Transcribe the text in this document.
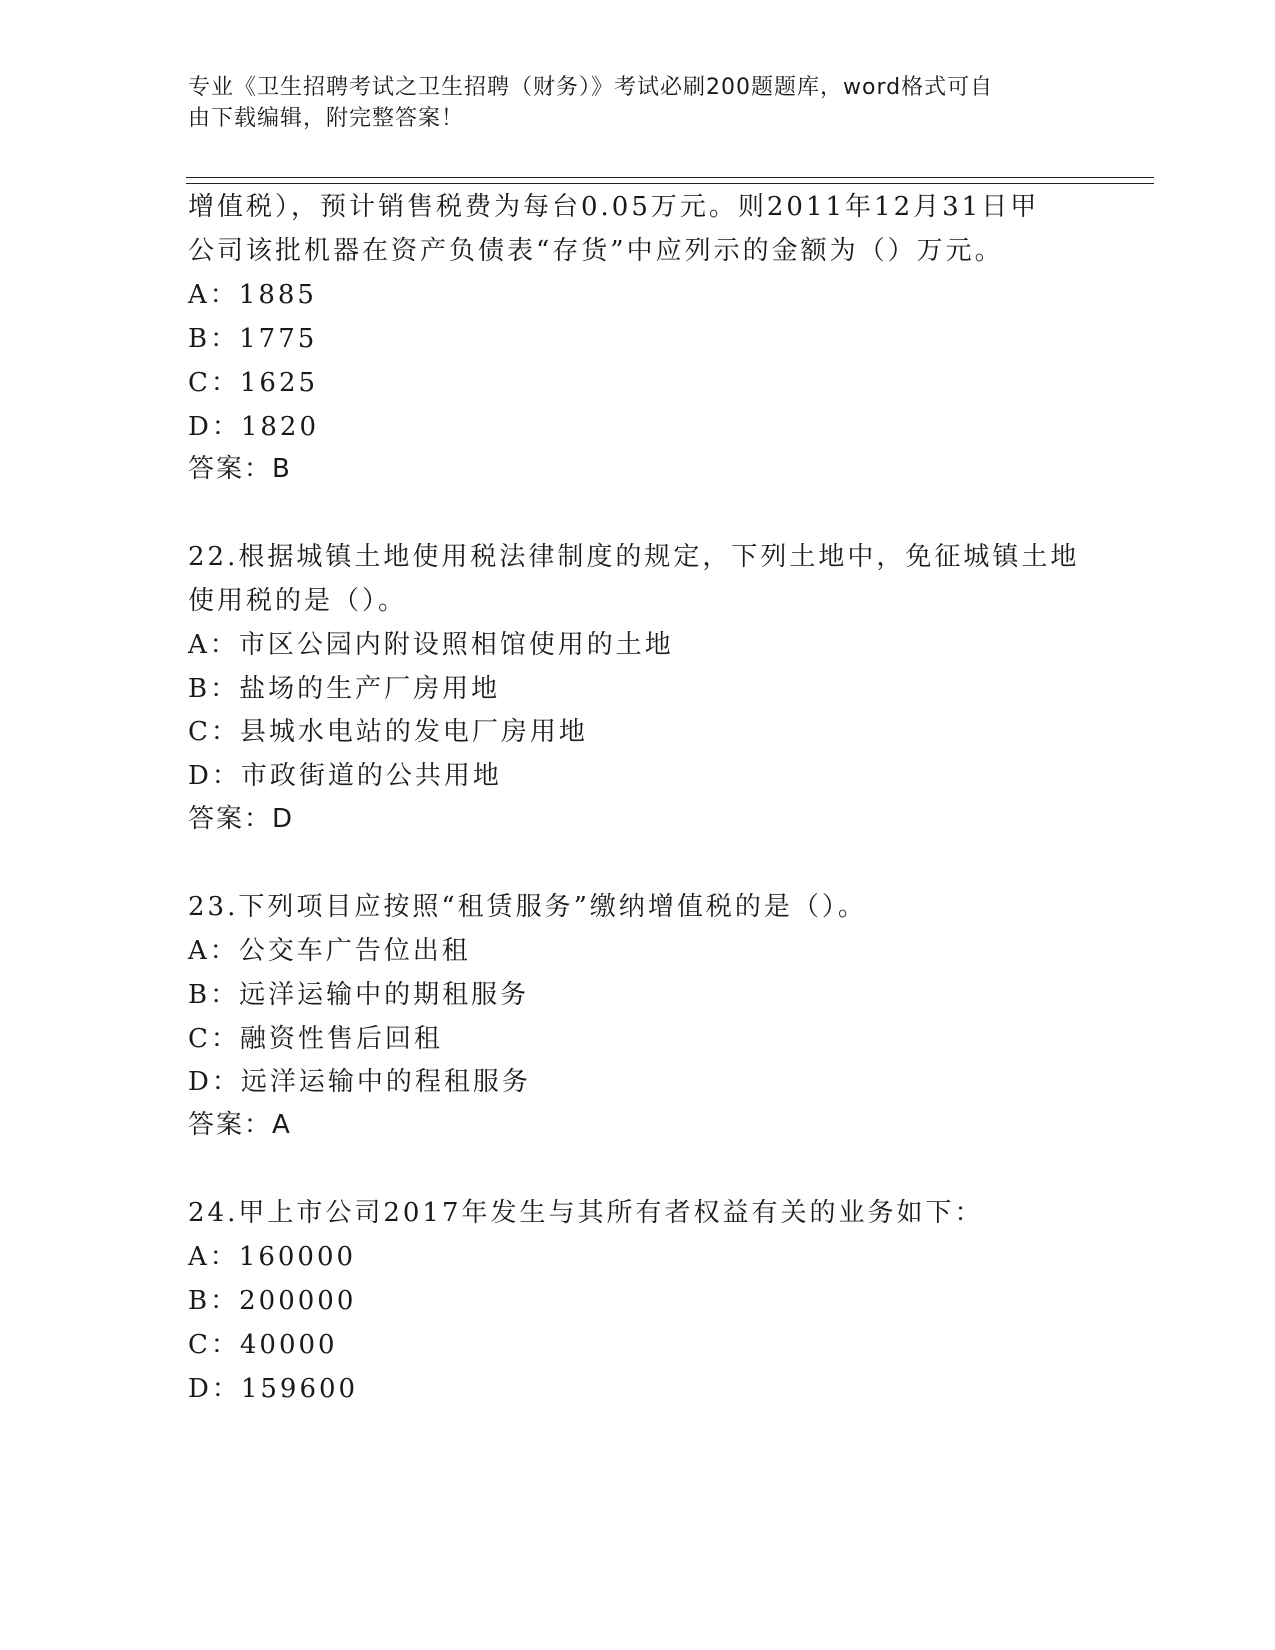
专业《卫生招聘考试之卫生招聘（财务）》考试必刷200题题库，word格式可自
由下载编辑，附完整答案！
增值税），预计销售税费为每台0.05万元。则2011年12月31日甲
公司该批机器在资产负债表“存货”中应列示的金额为（）万元。
A：1885
B：1775
C：1625
D：1820
答案：B
22.根据城镇土地使用税法律制度的规定，下列土地中，免征城镇土地
使用税的是（）。
A：市区公园内附设照相馆使用的土地
B：盐场的生产厂房用地
C：县城水电站的发电厂房用地
D：市政街道的公共用地
答案：D
23.下列项目应按照“租赁服务”缴纳增值税的是（）。
A：公交车广告位出租
B：远洋运输中的期租服务
C：融资性售后回租
D：远洋运输中的程租服务
答案：A
24.甲上市公司2017年发生与其所有者权益有关的业务如下：
A：160000
B：200000
C：40000
D：159600
